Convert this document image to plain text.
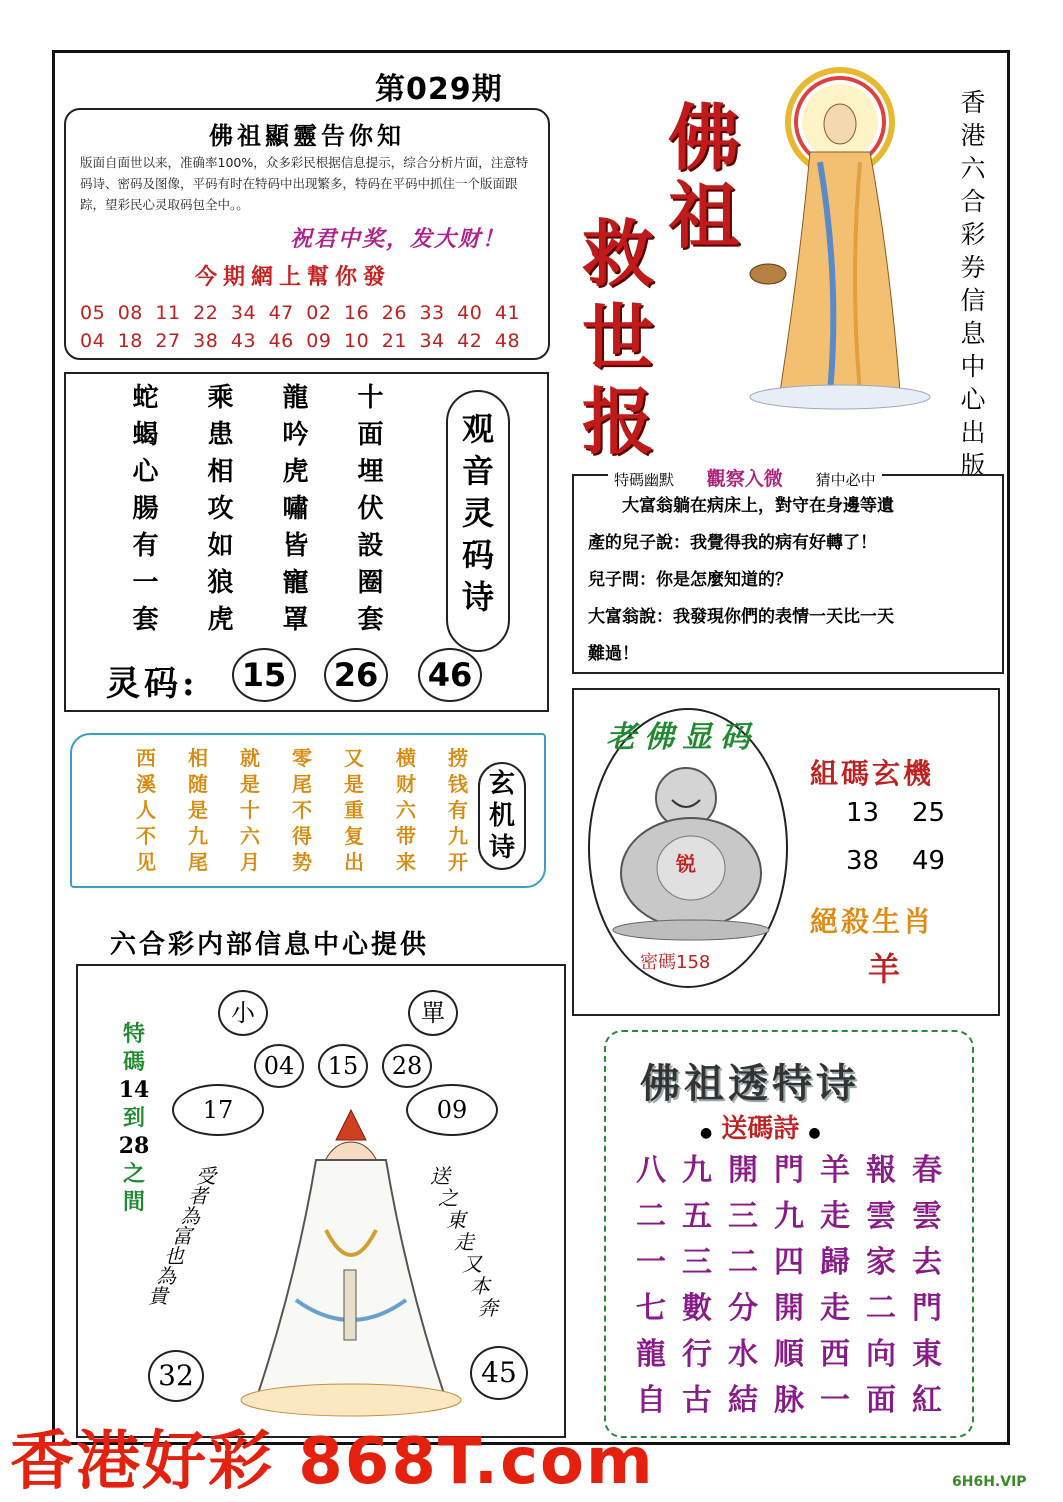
第029期
佛祖顯靈告你知
版面自面世以来，准确率100%，众多彩民根据信息提示，综合分析片面，注意特码诗、密码及图像，平码有时在特码中出现繁多，特码在平码中抓住一个版面跟踪，望彩民心灵取码包全中。。
祝君中奖，发大财！
今期網上幫你發
05 08 11 22 34 47 02 16 26 33 40 41
04 18 27 38 43 46 09 10 21 34 42 48
佛
祖
救
世
报
香
港
六
合
彩
券
信
息
中
心
出
版
蛇	乘	龍	十
蝎	患	吟	面
心	相	虎	埋
腸	攻	嘯	伏
有	如	皆	設
一	狼	寵	圈
套	虎	罩	套
观
音
灵
码
诗
灵码:	15	26	46
西	相	就	零	又	横	捞
溪	随	是	尾	是	财	钱
人	是	十	不	重	六	有
不	九	六	得	复	带	九
见	尾	月	势	出	来	开
玄
机
诗
六合彩内部信息中心提供
特
碼
14
到
28
之
間
小	單
04	15	28
17	09
32	45
受
者
為
富
也
為
貴
送
之
東
走
又
本
奔
特碼幽默 觀察入微 猜中必中
　　大富翁躺在病床上，對守在身邊等遺
產的兒子說：我覺得我的病有好轉了！
兒子問：你是怎麼知道的？
大富翁說：我發現你們的表情一天比一天
難過！
老佛显码
锐
密碼158
組碼玄機
13 25
38 49
絕殺生肖
羊
佛祖透特诗
● 送碼詩 ●
八 九 開 門 羊 報 春
二 五 三 九 走 雲 雲
一 三 二 四 歸 家 去
七 數 分 開 走 二 門
龍 行 水 順 西 向 東
自 古 結 脉 一 面 紅
香港好彩 868T.com	6H6H.VIP
